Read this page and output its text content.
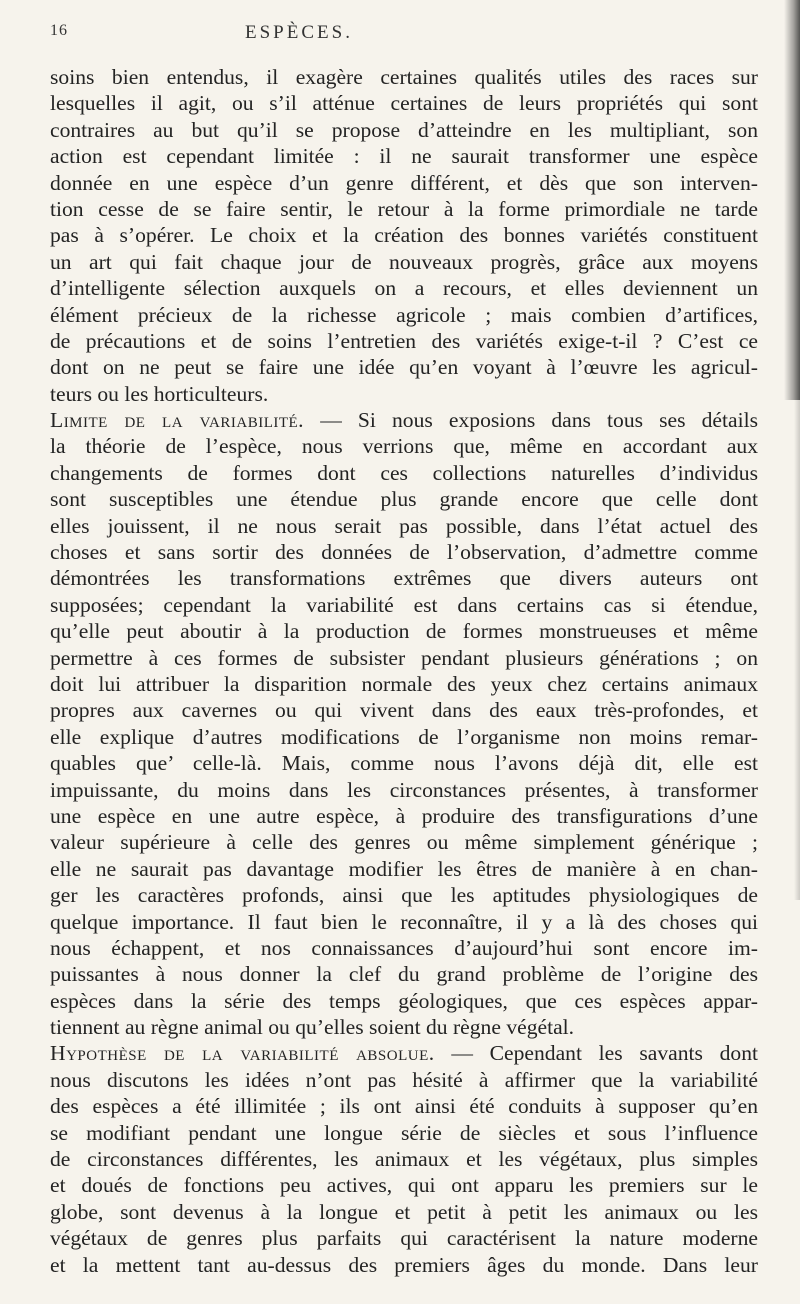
16	ESPÈCES.
soins bien entendus, il exagère certaines qualités utiles des races sur
lesquelles il agit, ou s’il atténue certaines de leurs propriétés qui sont
contraires au but qu’il se propose d’atteindre en les multipliant, son
action est cependant limitée : il ne saurait transformer une espèce
donnée en une espèce d’un genre différent, et dès que son interven-
tion cesse de se faire sentir, le retour à la forme primordiale ne tarde
pas à s’opérer. Le choix et la création des bonnes variétés constituent
un art qui fait chaque jour de nouveaux progrès, grâce aux moyens
d’intelligente sélection auxquels on a recours, et elles deviennent un
élément précieux de la richesse agricole ; mais combien d’artifices,
de précautions et de soins l’entretien des variétés exige-t-il ? C’est ce
dont on ne peut se faire une idée qu’en voyant à l’œuvre les agricul-
teurs ou les horticulteurs.
Limite de la variabilité. — Si nous exposions dans tous ses détails
la théorie de l’espèce, nous verrions que, même en accordant aux
changements de formes dont ces collections naturelles d’individus
sont susceptibles une étendue plus grande encore que celle dont
elles jouissent, il ne nous serait pas possible, dans l’état actuel des
choses et sans sortir des données de l’observation, d’admettre comme
démontrées les transformations extrêmes que divers auteurs ont
supposées; cependant la variabilité est dans certains cas si étendue,
qu’elle peut aboutir à la production de formes monstrueuses et même
permettre à ces formes de subsister pendant plusieurs générations ; on
doit lui attribuer la disparition normale des yeux chez certains animaux
propres aux cavernes ou qui vivent dans des eaux très-profondes, et
elle explique d’autres modifications de l’organisme non moins remar-
quables que’ celle-là. Mais, comme nous l’avons déjà dit, elle est
impuissante, du moins dans les circonstances présentes, à transformer
une espèce en une autre espèce, à produire des transfigurations d’une
valeur supérieure à celle des genres ou même simplement générique ;
elle ne saurait pas davantage modifier les êtres de manière à en chan-
ger les caractères profonds, ainsi que les aptitudes physiologiques de
quelque importance. Il faut bien le reconnaître, il y a là des choses qui
nous échappent, et nos connaissances d’aujourd’hui sont encore im-
puissantes à nous donner la clef du grand problème de l’origine des
espèces dans la série des temps géologiques, que ces espèces appar-
tiennent au règne animal ou qu’elles soient du règne végétal.
Hypothèse de la variabilité absolue. — Cependant les savants dont
nous discutons les idées n’ont pas hésité à affirmer que la variabilité
des espèces a été illimitée ; ils ont ainsi été conduits à supposer qu’en
se modifiant pendant une longue série de siècles et sous l’influence
de circonstances différentes, les animaux et les végétaux, plus simples
et doués de fonctions peu actives, qui ont apparu les premiers sur le
globe, sont devenus à la longue et petit à petit les animaux ou les
végétaux de genres plus parfaits qui caractérisent la nature moderne
et la mettent tant au-dessus des premiers âges du monde. Dans leur
